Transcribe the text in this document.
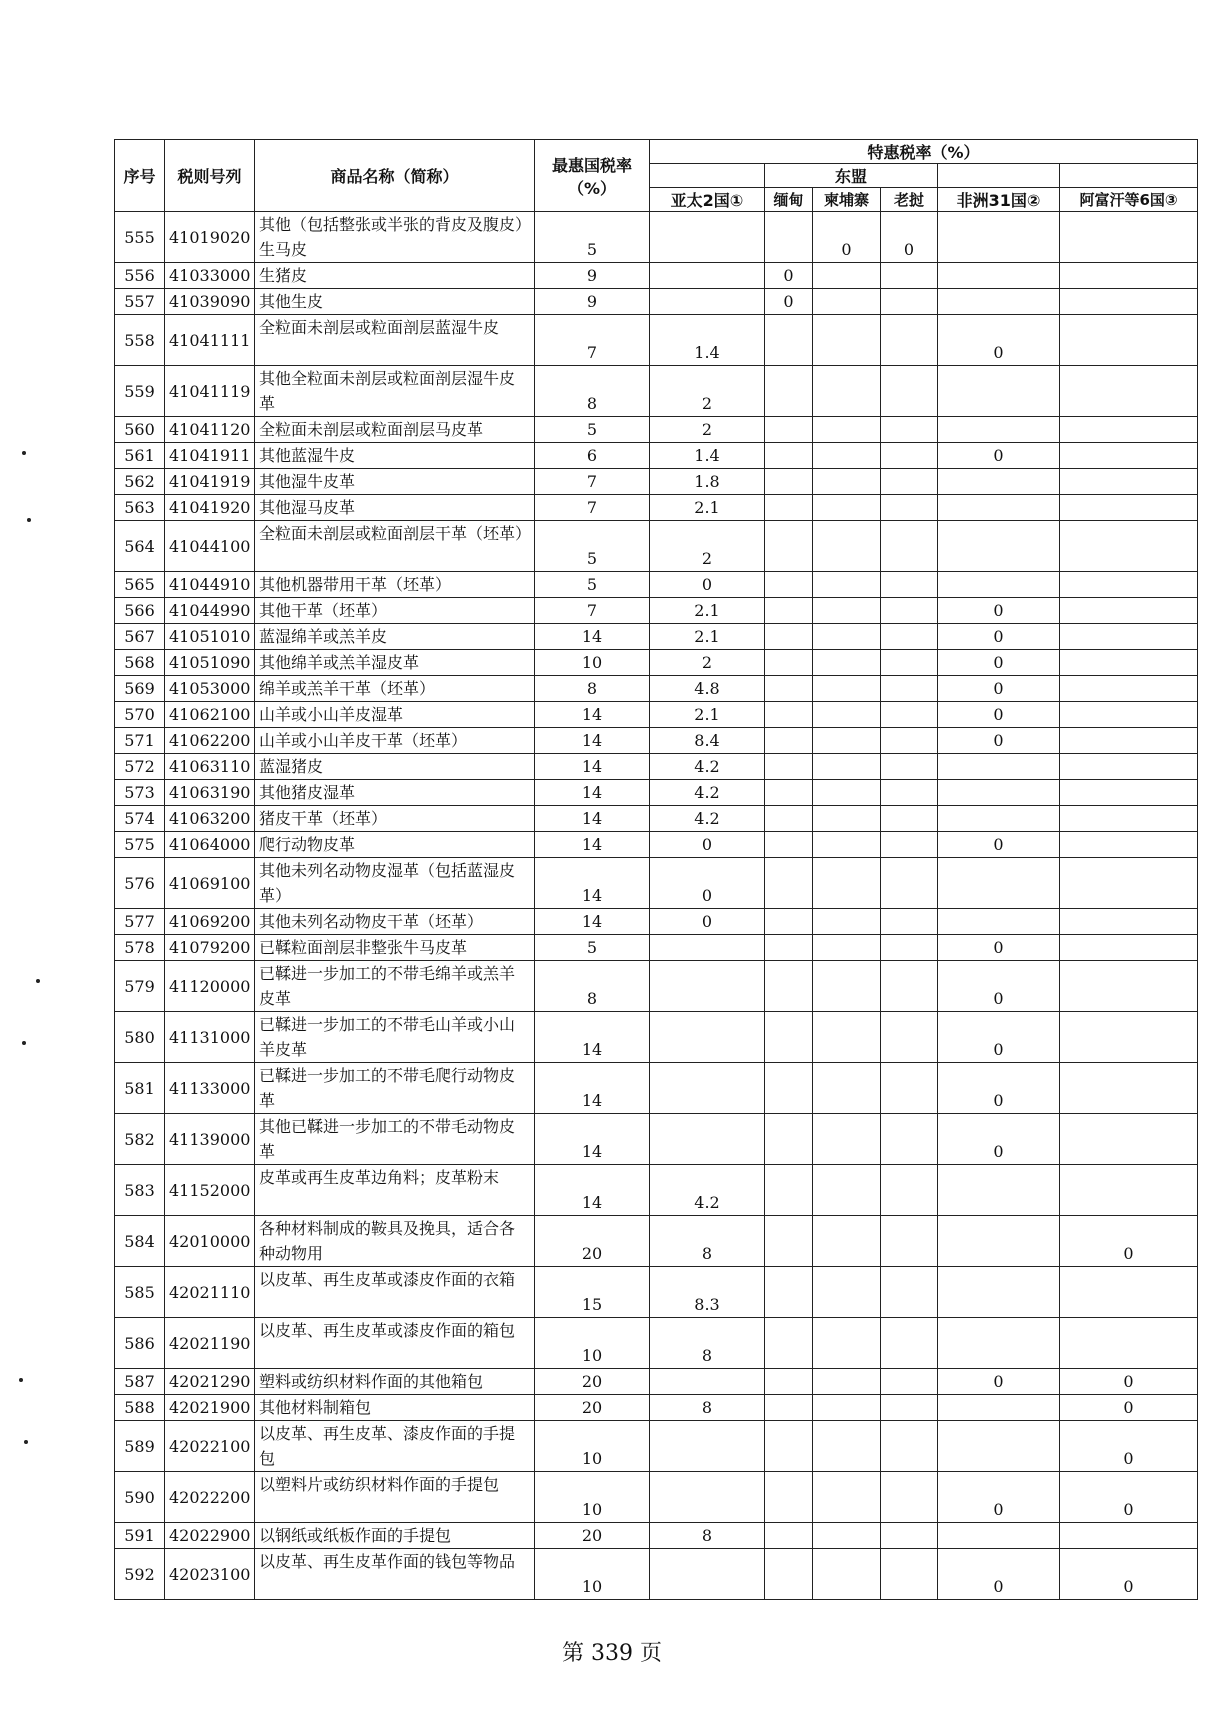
序号	税则号列	商品名称（简称）	最惠国税率
（%）	特惠税率（%）					
					东盟				
				亚太2国①	缅甸	柬埔寨	老挝	非洲31国②	阿富汗等6国③
555	41019020	其他（包括整张或半张的背皮及腹皮）生马皮	5			0	0		
556	41033000	生猪皮	9		0				
557	41039090	其他生皮	9		0				
558	41041111	全粒面未剖层或粒面剖层蓝湿牛皮	7	1.4				0	
559	41041119	其他全粒面未剖层或粒面剖层湿牛皮革	8	2					
560	41041120	全粒面未剖层或粒面剖层马皮革	5	2					
561	41041911	其他蓝湿牛皮	6	1.4				0	
562	41041919	其他湿牛皮革	7	1.8					
563	41041920	其他湿马皮革	7	2.1					
564	41044100	全粒面未剖层或粒面剖层干革（坯革）	5	2					
565	41044910	其他机器带用干革（坯革）	5	0					
566	41044990	其他干革（坯革）	7	2.1				0	
567	41051010	蓝湿绵羊或羔羊皮	14	2.1				0	
568	41051090	其他绵羊或羔羊湿皮革	10	2				0	
569	41053000	绵羊或羔羊干革（坯革）	8	4.8				0	
570	41062100	山羊或小山羊皮湿革	14	2.1				0	
571	41062200	山羊或小山羊皮干革（坯革）	14	8.4				0	
572	41063110	蓝湿猪皮	14	4.2					
573	41063190	其他猪皮湿革	14	4.2					
574	41063200	猪皮干革（坯革）	14	4.2					
575	41064000	爬行动物皮革	14	0				0	
576	41069100	其他未列名动物皮湿革（包括蓝湿皮革）	14	0					
577	41069200	其他未列名动物皮干革（坯革）	14	0					
578	41079200	已鞣粒面剖层非整张牛马皮革	5					0	
579	41120000	已鞣进一步加工的不带毛绵羊或羔羊皮革	8					0	
580	41131000	已鞣进一步加工的不带毛山羊或小山羊皮革	14					0	
581	41133000	已鞣进一步加工的不带毛爬行动物皮革	14					0	
582	41139000	其他已鞣进一步加工的不带毛动物皮革	14					0	
583	41152000	皮革或再生皮革边角料；皮革粉末	14	4.2					
584	42010000	各种材料制成的鞍具及挽具，适合各种动物用	20	8					0
585	42021110	以皮革、再生皮革或漆皮作面的衣箱	15	8.3					
586	42021190	以皮革、再生皮革或漆皮作面的箱包	10	8					
587	42021290	塑料或纺织材料作面的其他箱包	20					0	0
588	42021900	其他材料制箱包	20	8					0
589	42022100	以皮革、再生皮革、漆皮作面的手提包	10						0
590	42022200	以塑料片或纺织材料作面的手提包	10					0	0
591	42022900	以钢纸或纸板作面的手提包	20	8					
592	42023100	以皮革、再生皮革作面的钱包等物品	10					0	0
第 339 页
